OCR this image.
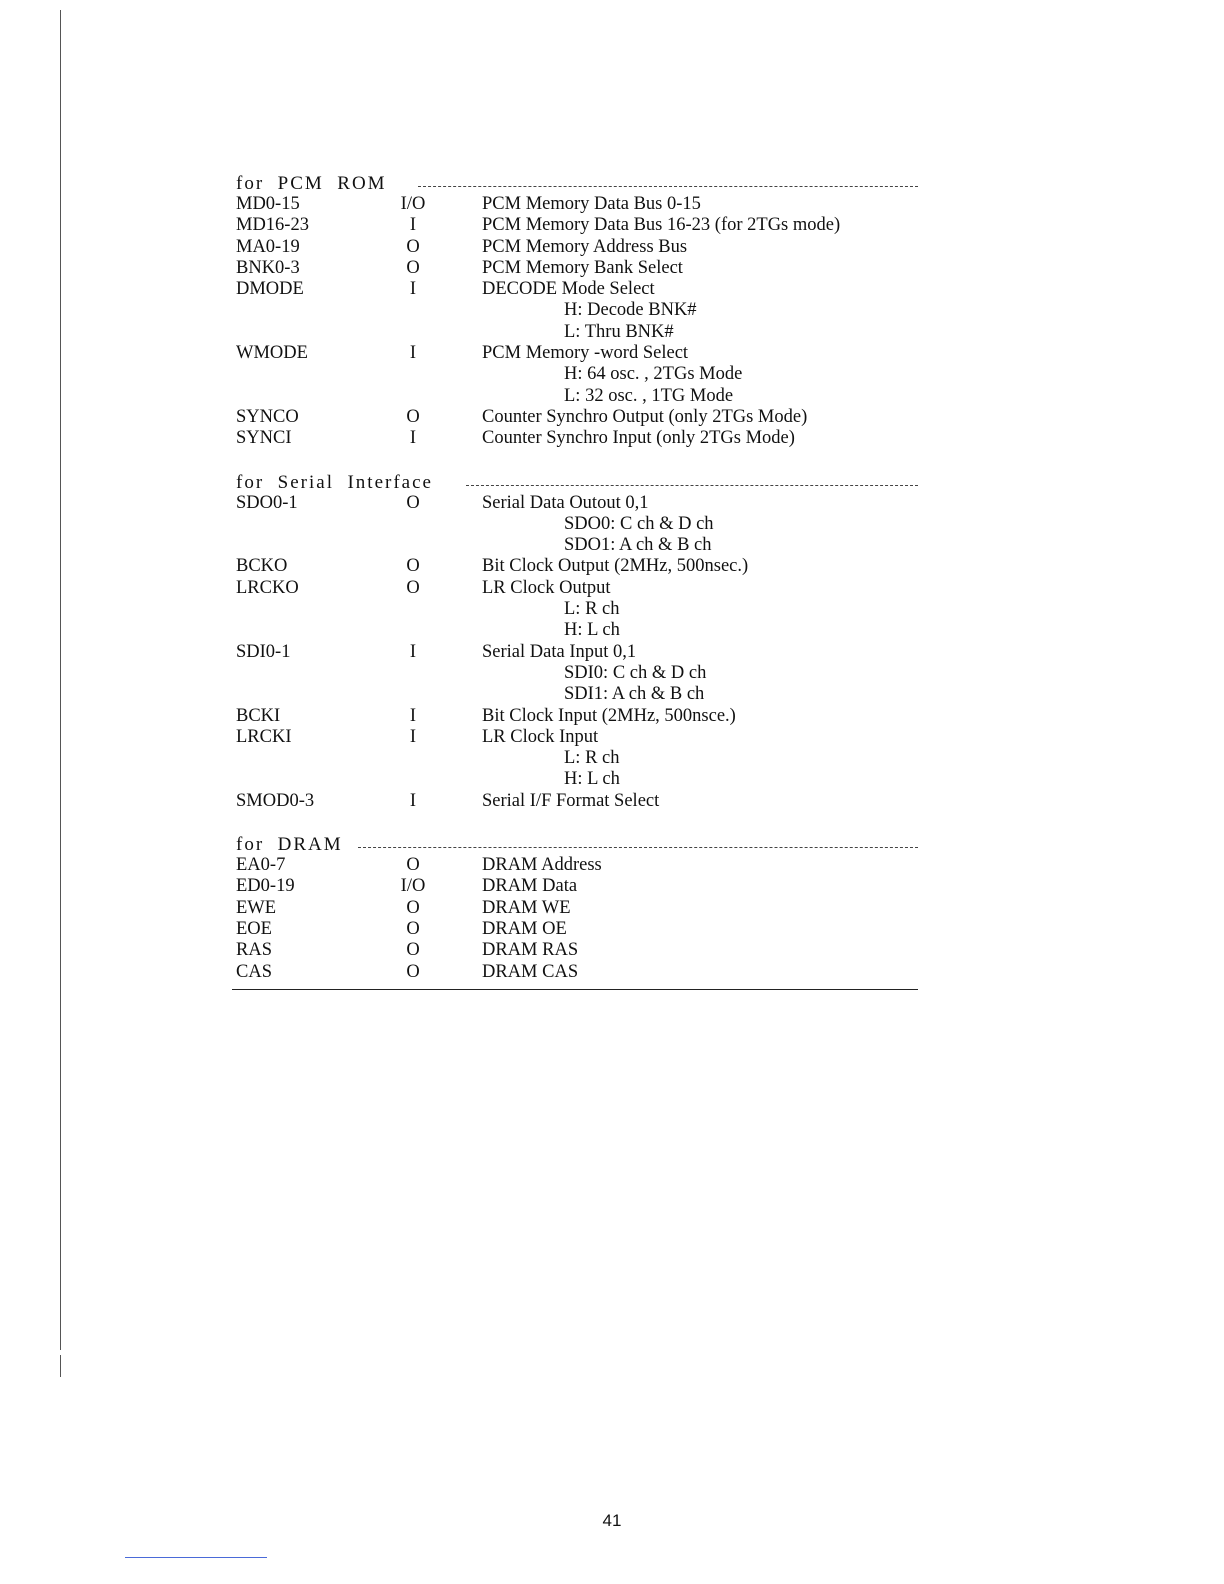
for  PCM  ROM
MD0-15	I/O	PCM Memory Data Bus 0-15
MD16-23	I	PCM Memory Data Bus 16-23 (for 2TGs mode)
MA0-19	O	PCM Memory Address Bus
BNK0-3	O	PCM Memory Bank Select
DMODE	I	DECODE Mode Select
H: Decode BNK#
L: Thru BNK#
WMODE	I	PCM Memory -word Select
H: 64 osc. , 2TGs Mode
L: 32 osc. , 1TG Mode
SYNCO	O	Counter Synchro Output (only 2TGs Mode)
SYNCI	I	Counter Synchro Input (only 2TGs Mode)
for  Serial  Interface
SDO0-1	O	Serial Data Outout 0,1
SDO0: C ch & D ch
SDO1: A ch & B ch
BCKO	O	Bit Clock Output (2MHz, 500nsec.)
LRCKO	O	LR Clock Output
L: R ch
H: L ch
SDI0-1	I	Serial Data Input 0,1
SDI0: C ch & D ch
SDI1: A ch & B ch
BCKI	I	Bit Clock Input (2MHz, 500nsce.)
LRCKI	I	LR Clock Input
L: R ch
H: L ch
SMOD0-3	I	Serial I/F Format Select
for  DRAM
EA0-7	O	DRAM Address
ED0-19	I/O	DRAM Data
EWE	O	DRAM WE
EOE	O	DRAM OE
RAS	O	DRAM RAS
CAS	O	DRAM CAS
41
